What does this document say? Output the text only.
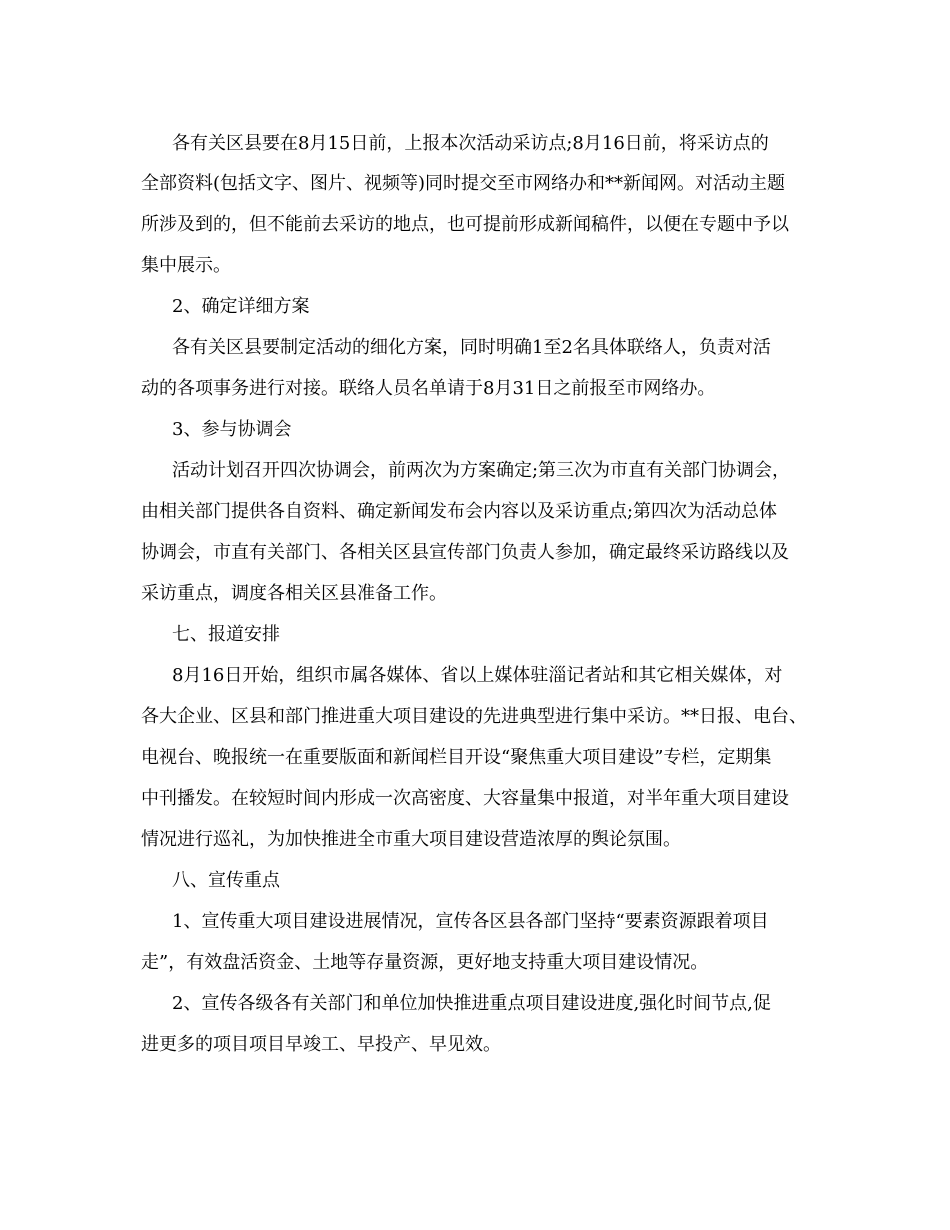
各有关区县要在8月15日前，上报本次活动采访点;8月16日前，将采访点的

全部资料(包括文字、图片、视频等)同时提交至市网络办和**新闻网。对活动主题

所涉及到的，但不能前去采访的地点，也可提前形成新闻稿件，以便在专题中予以

集中展示。

2、确定详细方案

各有关区县要制定活动的细化方案，同时明确1至2名具体联络人，负责对活

动的各项事务进行对接。联络人员名单请于8月31日之前报至市网络办。

3、参与协调会

活动计划召开四次协调会，前两次为方案确定;第三次为市直有关部门协调会，

由相关部门提供各自资料、确定新闻发布会内容以及采访重点;第四次为活动总体

协调会，市直有关部门、各相关区县宣传部门负责人参加，确定最终采访路线以及

采访重点，调度各相关区县准备工作。

七、报道安排

8月16日开始，组织市属各媒体、省以上媒体驻淄记者站和其它相关媒体，对

各大企业、区县和部门推进重大项目建设的先进典型进行集中采访。**日报、电台、

电视台、晚报统一在重要版面和新闻栏目开设“聚焦重大项目建设”专栏，定期集

中刊播发。在较短时间内形成一次高密度、大容量集中报道，对半年重大项目建设

情况进行巡礼，为加快推进全市重大项目建设营造浓厚的舆论氛围。

八、宣传重点

1、宣传重大项目建设进展情况，宣传各区县各部门坚持“要素资源跟着项目

走”，有效盘活资金、土地等存量资源，更好地支持重大项目建设情况。

2、宣传各级各有关部门和单位加快推进重点项目建设进度,强化时间节点,促

进更多的项目项目早竣工、早投产、早见效。
